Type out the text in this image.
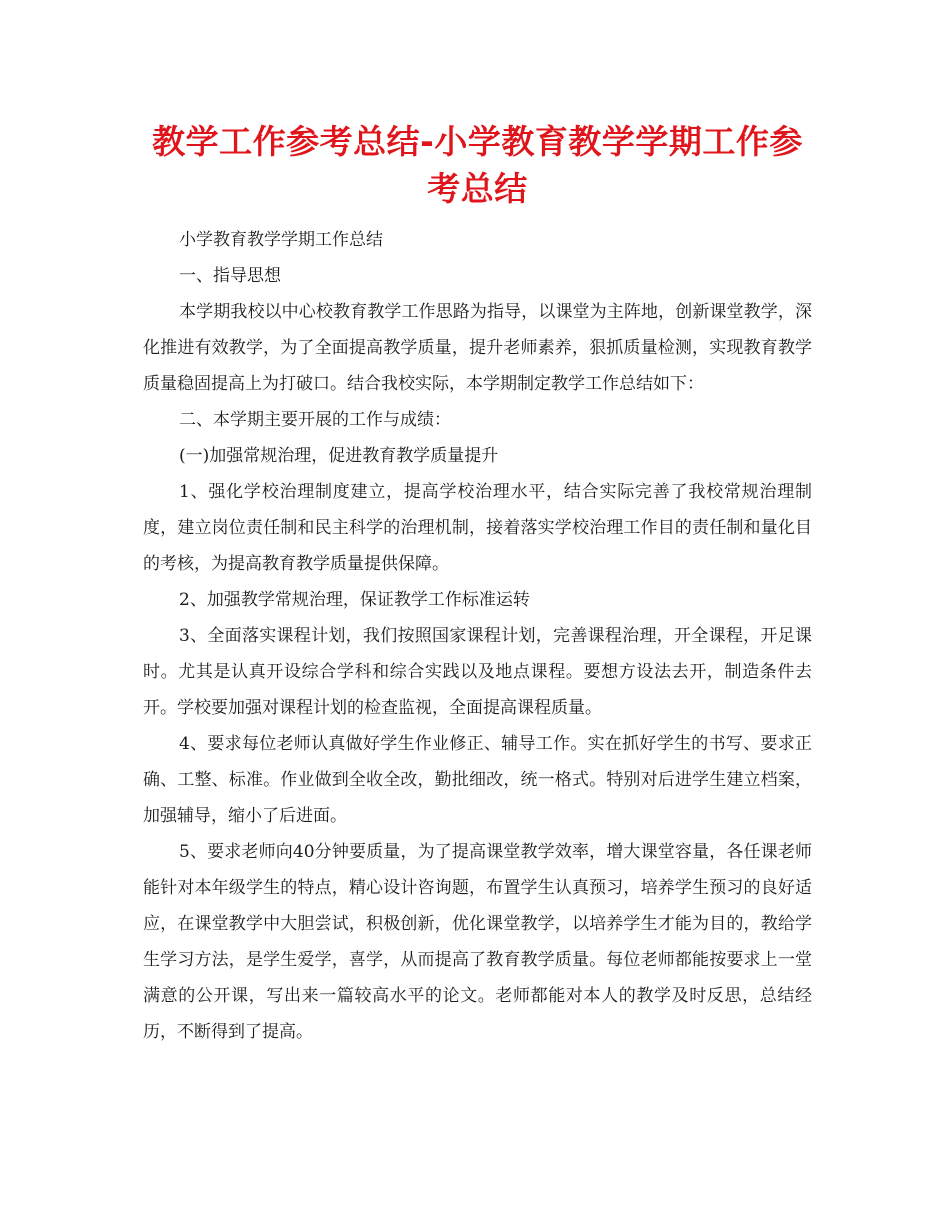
教学工作参考总结-小学教育教学学期工作参考总结

小学教育教学学期工作总结

一、指导思想

本学期我校以中心校教育教学工作思路为指导，以课堂为主阵地，创新课堂教学，深化推进有效教学，为了全面提高教学质量，提升老师素养，狠抓质量检测，实现教育教学质量稳固提高上为打破口。结合我校实际，本学期制定教学工作总结如下：

二、本学期主要开展的工作与成绩：

(一)加强常规治理，促进教育教学质量提升

1、强化学校治理制度建立，提高学校治理水平，结合实际完善了我校常规治理制度，建立岗位责任制和民主科学的治理机制，接着落实学校治理工作目的责任制和量化目的考核，为提高教育教学质量提供保障。

2、加强教学常规治理，保证教学工作标准运转

3、全面落实课程计划，我们按照国家课程计划，完善课程治理，开全课程，开足课时。尤其是认真开设综合学科和综合实践以及地点课程。要想方设法去开，制造条件去开。学校要加强对课程计划的检查监视，全面提高课程质量。

4、要求每位老师认真做好学生作业修正、辅导工作。实在抓好学生的书写、要求正确、工整、标准。作业做到全收全改，勤批细改，统一格式。特别对后进学生建立档案，加强辅导，缩小了后进面。

5、要求老师向40分钟要质量，为了提高课堂教学效率，增大课堂容量，各任课老师能针对本年级学生的特点，精心设计咨询题，布置学生认真预习，培养学生预习的良好适应，在课堂教学中大胆尝试，积极创新，优化课堂教学，以培养学生才能为目的，教给学生学习方法，是学生爱学，喜学，从而提高了教育教学质量。每位老师都能按要求上一堂满意的公开课，写出来一篇较高水平的论文。老师都能对本人的教学及时反思，总结经历，不断得到了提高。
